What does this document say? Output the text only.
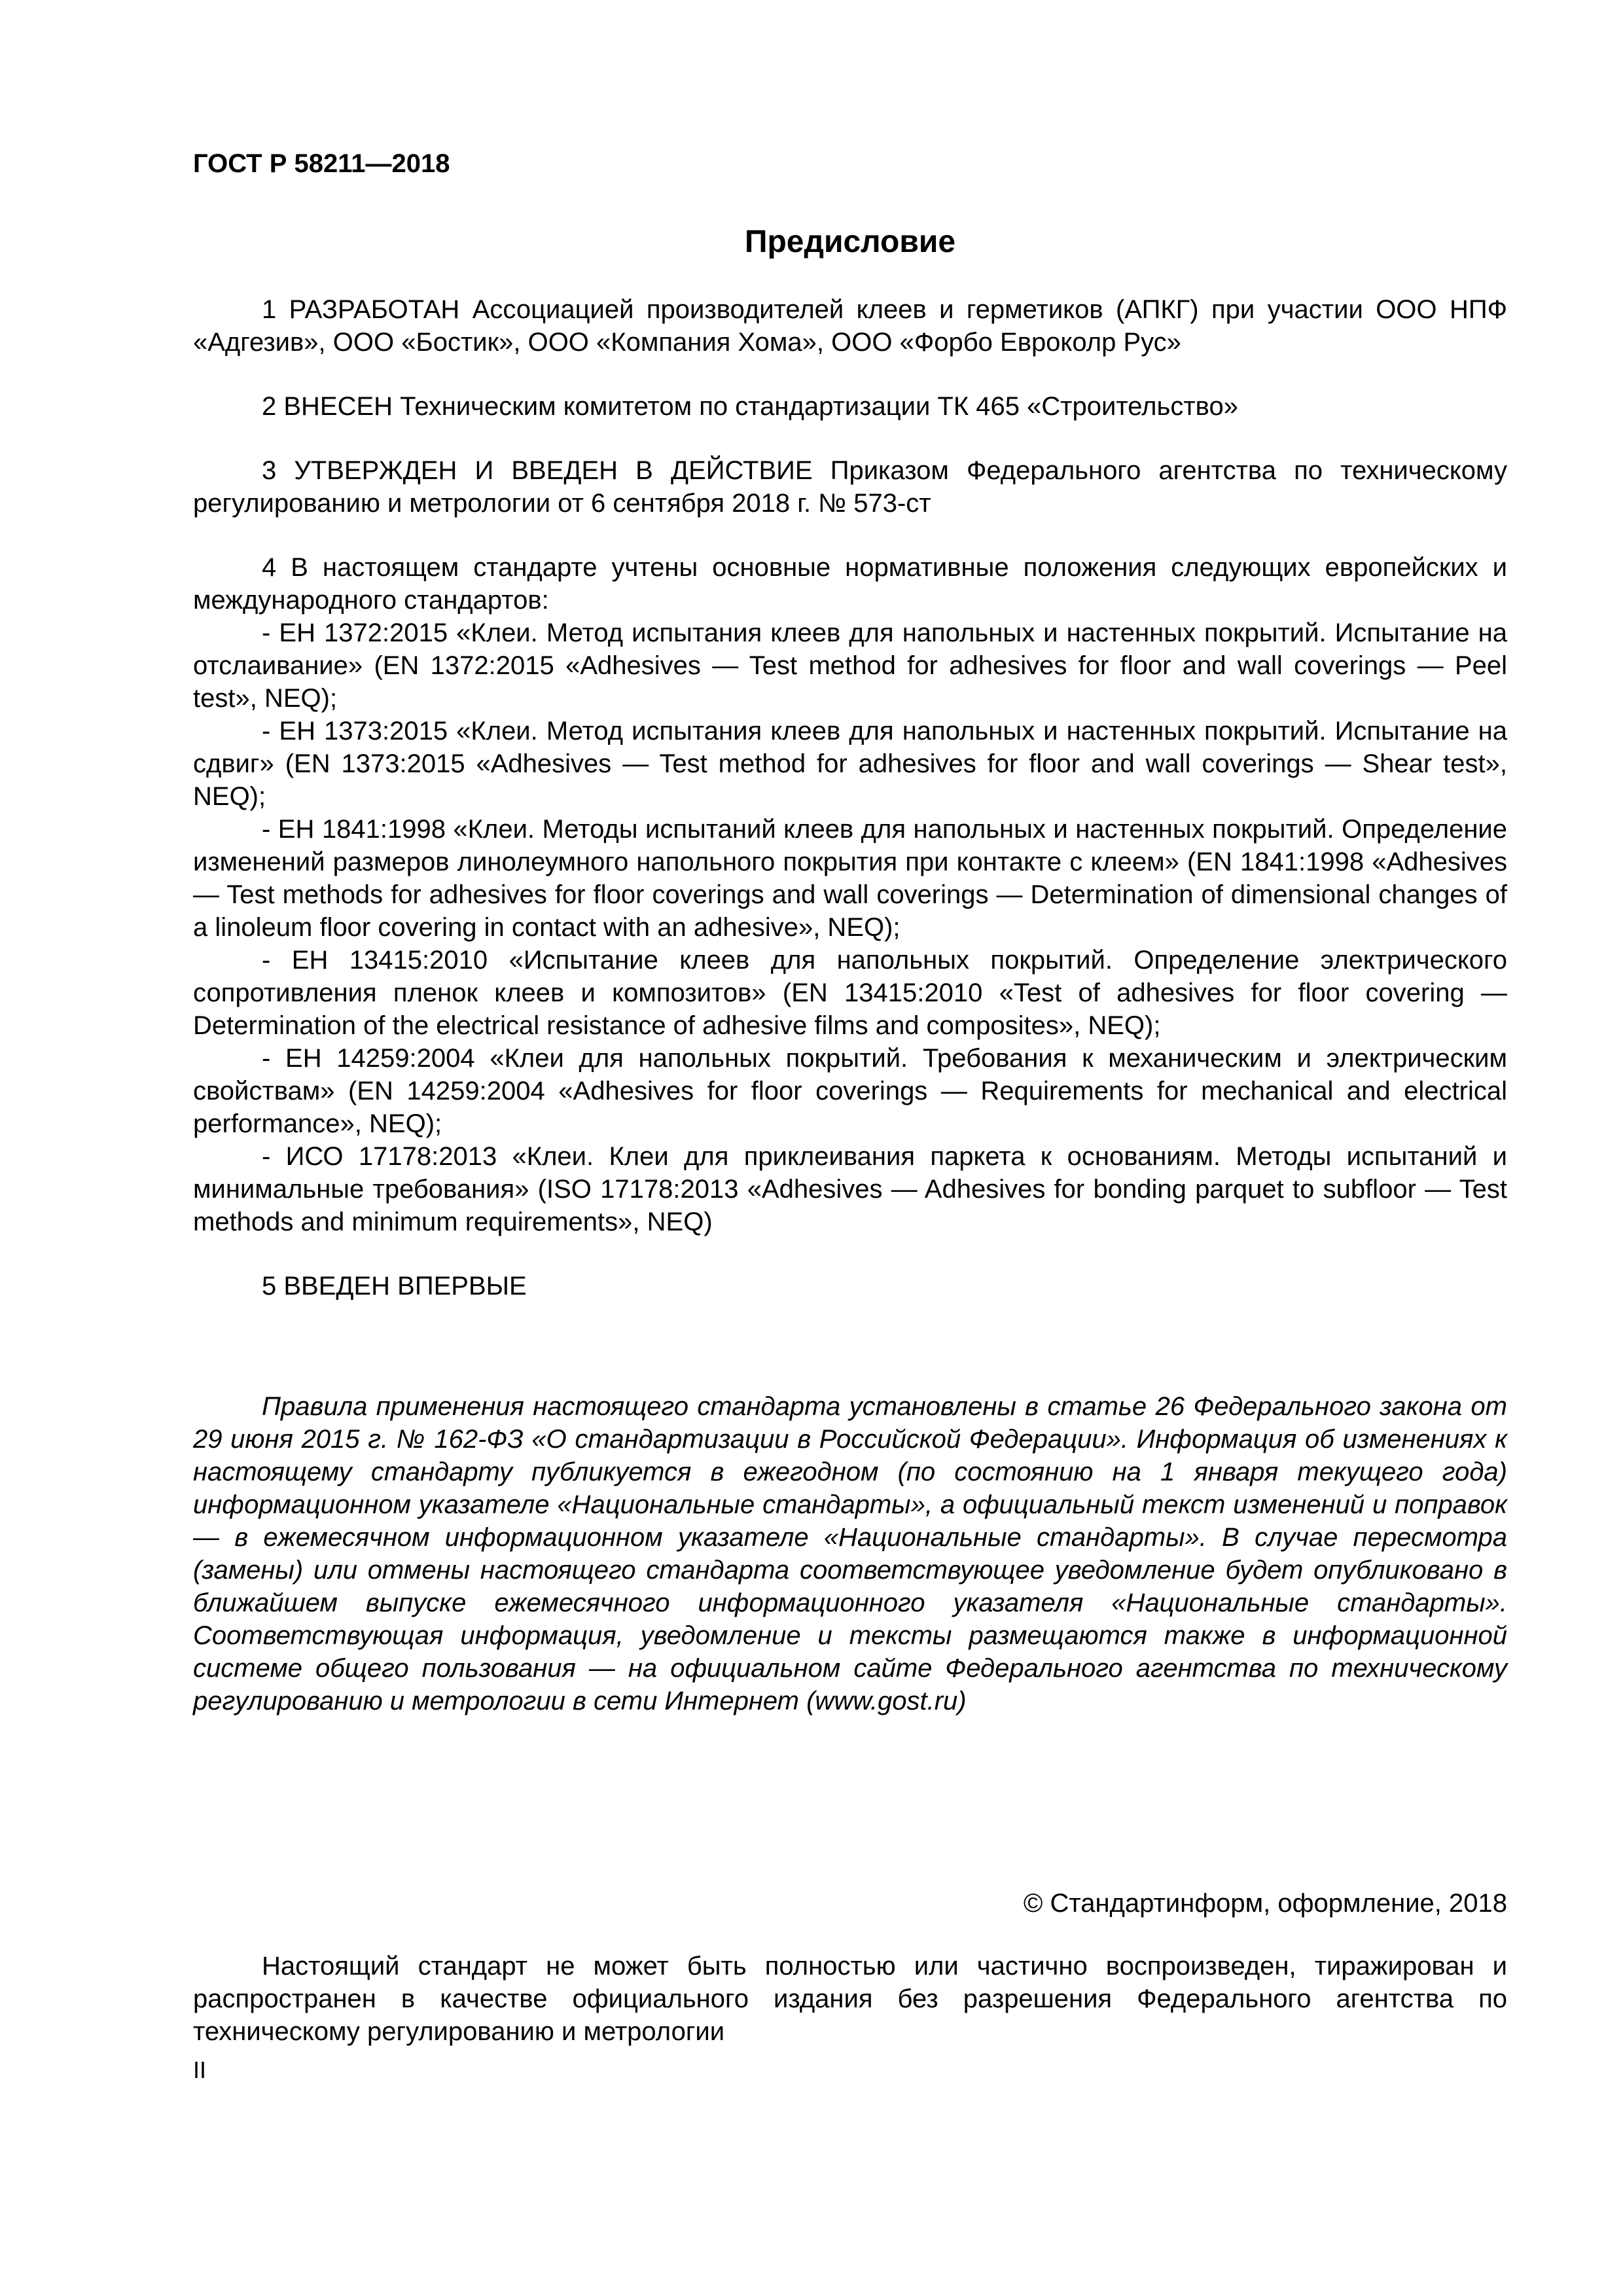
ГОСТ Р 58211—2018

Предисловие

1 РАЗРАБОТАН Ассоциацией производителей клеев и герметиков (АПКГ) при участии ООО НПФ «Адгезив», ООО «Бостик», ООО «Компания Хома», ООО «Форбо Евроколр Рус»

2 ВНЕСЕН Техническим комитетом по стандартизации ТК 465 «Строительство»

3 УТВЕРЖДЕН И ВВЕДЕН В ДЕЙСТВИЕ Приказом Федерального агентства по техническому регулированию и метрологии от 6 сентября 2018 г. № 573-ст

4 В настоящем стандарте учтены основные нормативные положения следующих европейских и международного стандартов:

- ЕН 1372:2015 «Клеи. Метод испытания клеев для напольных и настенных покрытий. Испытание на отслаивание» (EN 1372:2015 «Adhesives — Test method for adhesives for floor and wall coverings — Peel test», NEQ);

- ЕН 1373:2015 «Клеи. Метод испытания клеев для напольных и настенных покрытий. Испытание на сдвиг» (EN 1373:2015 «Adhesives — Test method for adhesives for floor and wall coverings — Shear test», NEQ);

- ЕН 1841:1998 «Клеи. Методы испытаний клеев для напольных и настенных покрытий. Определение изменений размеров линолеумного напольного покрытия при контакте с клеем» (EN 1841:1998 «Adhesives — Test methods for adhesives for floor coverings and wall coverings — Determination of dimensional changes of a linoleum floor covering in contact with an adhesive», NEQ);

- ЕН 13415:2010 «Испытание клеев для напольных покрытий. Определение электрического сопротивления пленок клеев и композитов» (EN 13415:2010 «Test of adhesives for floor covering — Determination of the electrical resistance of adhesive films and composites», NEQ);

- ЕН 14259:2004 «Клеи для напольных покрытий. Требования к механическим и электрическим свойствам» (EN 14259:2004 «Adhesives for floor coverings — Requirements for mechanical and electrical performance», NEQ);

- ИСО 17178:2013 «Клеи. Клеи для приклеивания паркета к основаниям. Методы испытаний и минимальные требования» (ISO 17178:2013 «Adhesives — Adhesives for bonding parquet to subfloor — Test methods and minimum requirements», NEQ)

5 ВВЕДЕН ВПЕРВЫЕ

Правила применения настоящего стандарта установлены в статье 26 Федерального закона от 29 июня 2015 г. № 162-ФЗ «О стандартизации в Российской Федерации». Информация об изменениях к настоящему стандарту публикуется в ежегодном (по состоянию на 1 января текущего года) информационном указателе «Национальные стандарты», а официальный текст изменений и поправок — в ежемесячном информационном указателе «Национальные стандарты». В случае пересмотра (замены) или отмены настоящего стандарта соответствующее уведомление будет опубликовано в ближайшем выпуске ежемесячного информационного указателя «Национальные стандарты». Соответствующая информация, уведомление и тексты размещаются также в информационной системе общего пользования — на официальном сайте Федерального агентства по техническому регулированию и метрологии в сети Интернет (www.gost.ru)

© Стандартинформ, оформление, 2018

Настоящий стандарт не может быть полностью или частично воспроизведен, тиражирован и распространен в качестве официального издания без разрешения Федерального агентства по техническому регулированию и метрологии

II
